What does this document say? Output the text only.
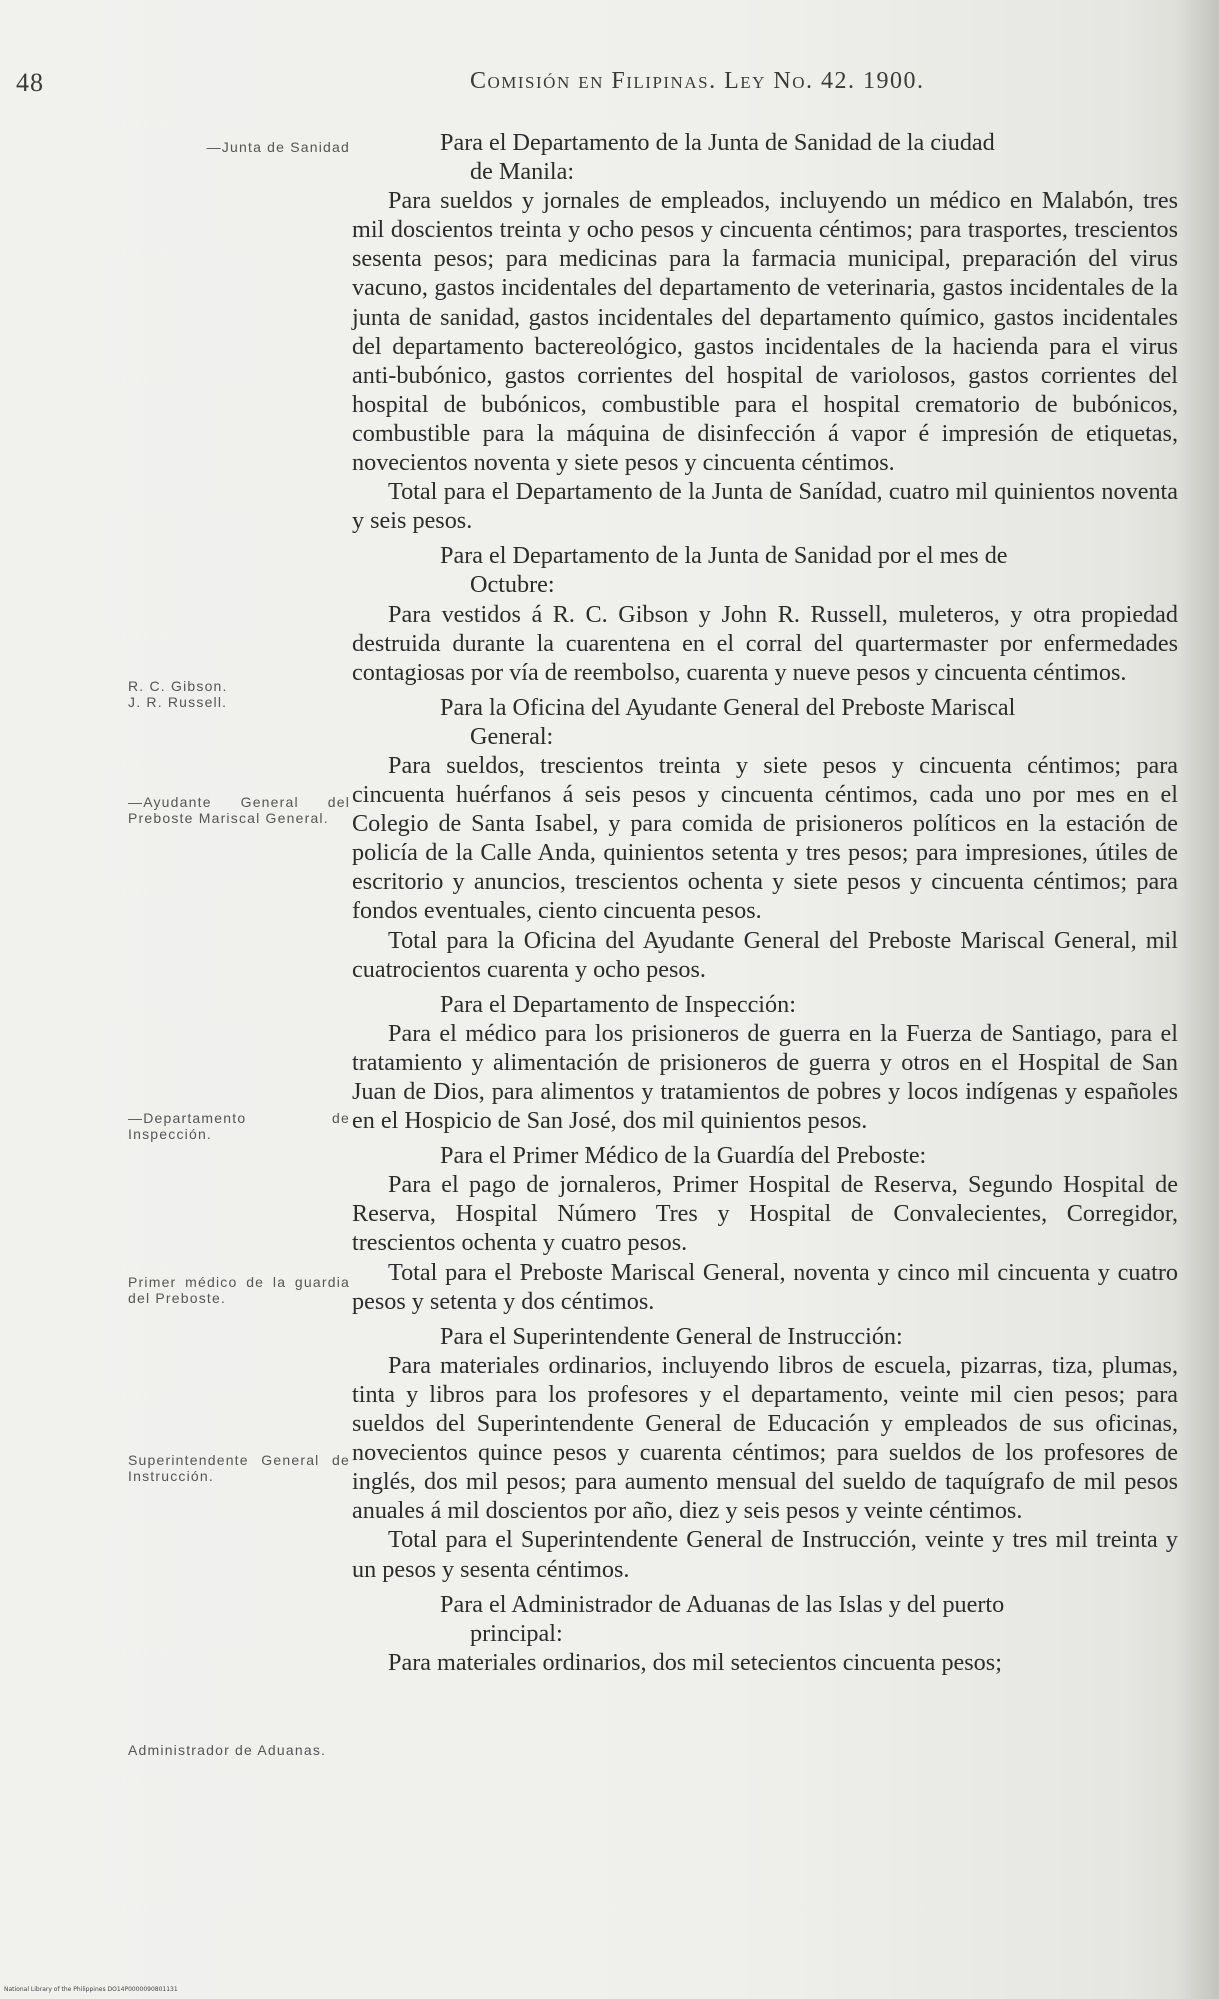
48	Comisión en Filipinas. Ley No. 42. 1900.
—Junta de Sanidad
R. C. Gibson.
J. R. Russell.
—Ayudante General del Preboste Mariscal General.
—Departamento de Inspección.
Primer médico de la guardia del Preboste.
Superintendente General de Instrucción.
Administrador de Aduanas.

Para el Departamento de la Junta de Sanidad de la ciudad
de Manila:

Para sueldos y jornales de empleados, incluyendo un médico en Malabón, tres mil doscientos treinta y ocho pesos y cincuenta céntimos; para trasportes, trescientos sesenta pesos; para medicinas para la farmacia municipal, preparación del virus vacuno, gastos incidentales del departamento de veterinaria, gastos incidentales de la junta de sanidad, gastos incidentales del departamento químico, gastos incidentales del departamento bactereológico, gastos incidentales de la hacienda para el virus anti-bubónico, gastos corrientes del hospital de variolosos, gastos corrientes del hospital de bubónicos, combustible para el hospital crematorio de bubónicos, combustible para la máquina de disinfección á vapor é impresión de etiquetas, novecientos noventa y siete pesos y cincuenta céntimos.

Total para el Departamento de la Junta de Sanídad, cuatro mil quinientos noventa y seis pesos.

Para el Departamento de la Junta de Sanidad por el mes de
Octubre:

Para vestidos á R. C. Gibson y John R. Russell, muleteros, y otra propiedad destruida durante la cuarentena en el corral del quartermaster por enfermedades contagiosas por vía de reembolso, cuarenta y nueve pesos y cincuenta céntimos.

Para la Oficina del Ayudante General del Preboste Mariscal
General:

Para sueldos, trescientos treinta y siete pesos y cincuenta céntimos; para cincuenta huérfanos á seis pesos y cincuenta céntimos, cada uno por mes en el Colegio de Santa Isabel, y para comida de prisioneros políticos en la estación de policía de la Calle Anda, quinientos setenta y tres pesos; para impresiones, útiles de escritorio y anuncios, trescientos ochenta y siete pesos y cincuenta céntimos; para fondos eventuales, ciento cincuenta pesos.

Total para la Oficina del Ayudante General del Preboste Mariscal General, mil cuatrocientos cuarenta y ocho pesos.

Para el Departamento de Inspección:

Para el médico para los prisioneros de guerra en la Fuerza de Santiago, para el tratamiento y alimentación de prisioneros de guerra y otros en el Hospital de San Juan de Dios, para alimentos y tratamientos de pobres y locos indígenas y españoles en el Hospicio de San José, dos mil quinientos pesos.

Para el Primer Médico de la Guardía del Preboste:

Para el pago de jornaleros, Primer Hospital de Reserva, Segundo Hospital de Reserva, Hospital Número Tres y Hospital de Convalecientes, Corregidor, trescientos ochenta y cuatro pesos.

Total para el Preboste Mariscal General, noventa y cinco mil cincuenta y cuatro pesos y setenta y dos céntimos.

Para el Superintendente General de Instrucción:

Para materiales ordinarios, incluyendo libros de escuela, pizarras, tiza, plumas, tinta y libros para los profesores y el departamento, veinte mil cien pesos; para sueldos del Superintendente General de Educación y empleados de sus oficinas, novecientos quince pesos y cuarenta céntimos; para sueldos de los profesores de inglés, dos mil pesos; para aumento mensual del sueldo de taquígrafo de mil pesos anuales á mil doscientos por año, diez y seis pesos y veinte céntimos.

Total para el Superintendente General de Instrucción, veinte y tres mil treinta y un pesos y sesenta céntimos.

Para el Administrador de Aduanas de las Islas y del puerto
principal:

Para materiales ordinarios, dos mil setecientos cincuenta pesos;

National Library of the Philippines DO14P0000090801131
